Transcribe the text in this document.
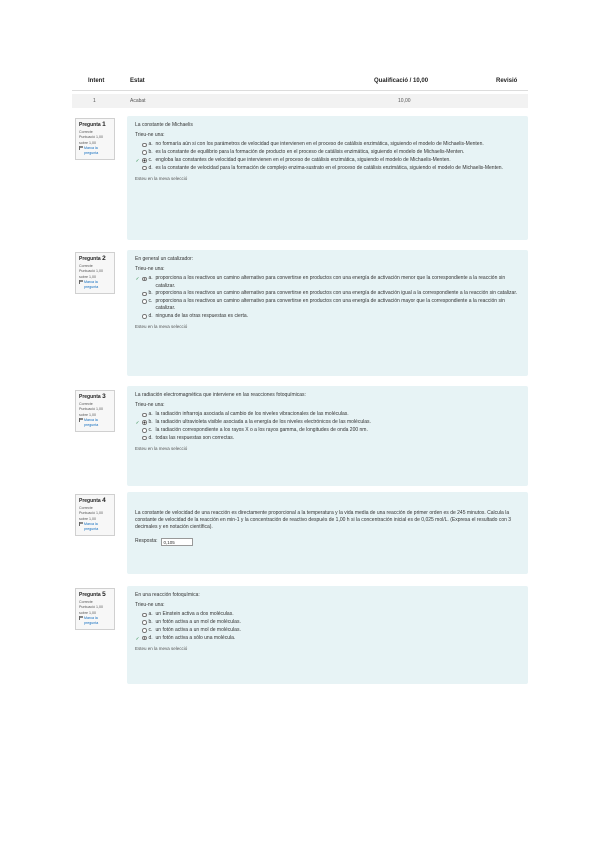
Intent	Estat	Qualificació / 10,00	Revisió
1	Acabat	10,00
Pregunta 1
Correcte
Puntuació 1,00
sobre 1,00
Marca la pregunta
La constante de Michaelis
Trieu-ne una:
a. no formaría aún si con los parámetros de velocidad que intervienen en el proceso de catálisis enzimática, siguiendo el modelo de Michaelis-Menten.
b. es la constante de equilibrio para la formación de producto en el proceso de catálisis enzimática, siguiendo el modelo de Michaelis-Menten.
✓ c. engloba las constantes de velocidad que intervienen en el proceso de catálisis enzimática, siguiendo el modelo de Michaelis-Menten.
d. es la constante de velocidad para la formación de complejo enzima-sustrato en el proceso de catálisis enzimática, siguiendo el modelo de Michaelis-Menten.
Esteu en la meva selecció
Pregunta 2
Correcte
Puntuació 1,00
sobre 1,00
Marca la pregunta
En general un catalizador:
Trieu-ne una:
✓ a. proporciona a los reactivos un camino alternativo para convertirse en productos con una energía de activación menor que la correspondiente a la reacción sin catalizar.
b. proporciona a los reactivos un camino alternativo para convertirse en productos con una energía de activación igual a la correspondiente a la reacción sin catalizar.
c. proporciona a los reactivos un camino alternativo para convertirse en productos con una energía de activación mayor que la correspondiente a la reacción sin catalizar.
d. ninguna de las otras respuestas es cierta.
Esteu en la meva selecció
Pregunta 3
Correcte
Puntuació 1,00
sobre 1,00
Marca la pregunta
La radiación electromagnética que interviene en las reacciones fotoquímicas:
Trieu-ne una:
a. la radiación infrarroja asociada al cambio de los niveles vibracionales de las moléculas.
✓ b. la radiación ultravioleta visible asociada a la energía de los niveles electrónicos de las moléculas.
c. la radiación correspondiente a los rayos X o a los rayos gamma, de longitudes de onda 200 nm.
d. todas las respuestas son correctas.
Esteu en la meva selecció
Pregunta 4
Correcte
Puntuació 1,00
sobre 1,00
Marca la pregunta
La constante de velocidad de una reacción es directamente proporcional a la temperatura y la vida media de una reacción de primer orden es de 245 minutos. Calcula la constante de velocidad de la reacción en min-1 y la concentración de reactivo después de 1,00 h si la concentración inicial es de 0,025 mol/L. (Expresa el resultado con 3 decimales y en notación científica).
Resposta:	0,105
Pregunta 5
Correcte
Puntuació 1,00
sobre 1,00
Marca la pregunta
En una reacción fotoquímica:
Trieu-ne una:
a. un Einstein activa a dos moléculas.
b. un fotón activa a un mol de moléculas.
c. un fotón activa a un mol de moléculas.
✓ d. un fotón activa a sólo una molécula.
Esteu en la meva selecció
